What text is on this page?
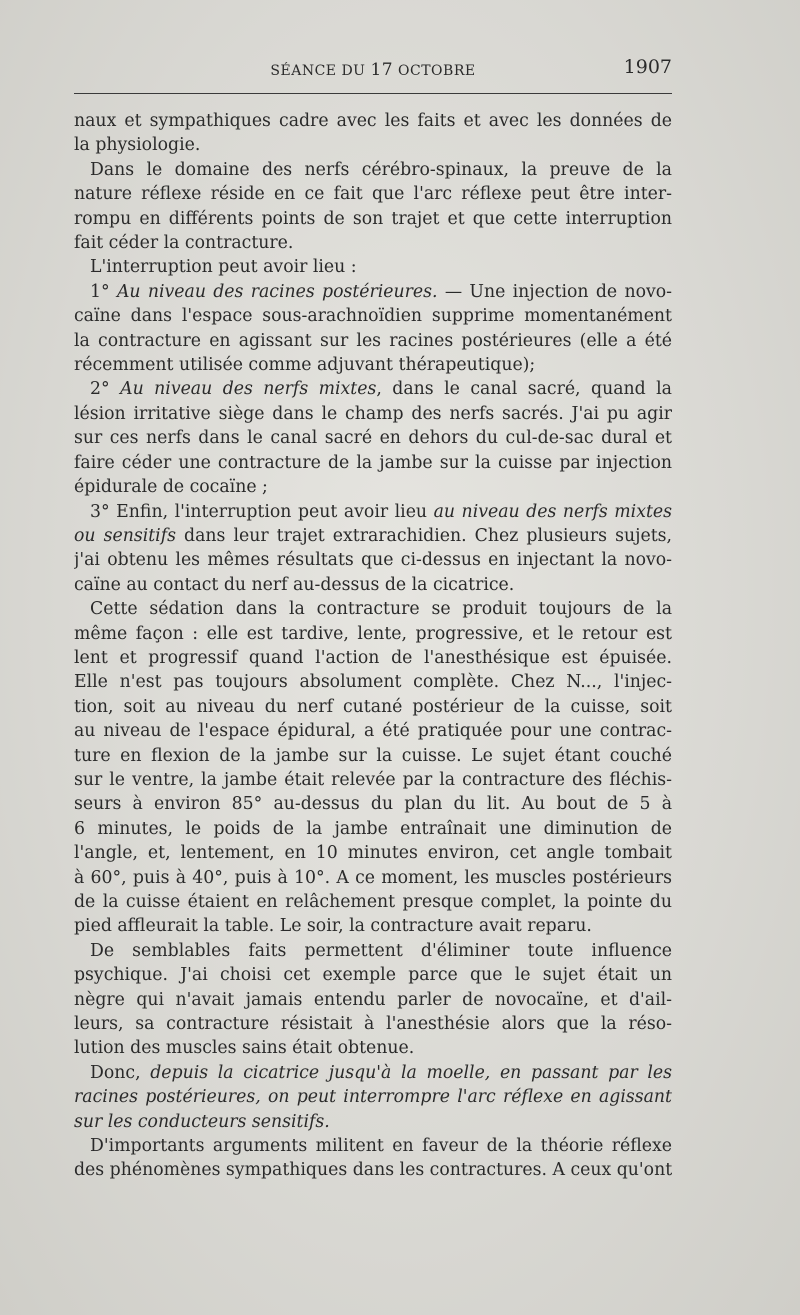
SÉANCE DU 17 OCTOBRE	1907
naux et sympathiques cadre avec les faits et avec les données de
la physiologie.
Dans le domaine des nerfs cérébro-spinaux, la preuve de la
nature réflexe réside en ce fait que l'arc réflexe peut être inter-
rompu en différents points de son trajet et que cette interruption
fait céder la contracture.
L'interruption peut avoir lieu :
1° Au niveau des racines postérieures. — Une injection de novo-
caïne dans l'espace sous-arachnoïdien supprime momentanément
la contracture en agissant sur les racines postérieures (elle a été
récemment utilisée comme adjuvant thérapeutique);
2° Au niveau des nerfs mixtes, dans le canal sacré, quand la
lésion irritative siège dans le champ des nerfs sacrés. J'ai pu agir
sur ces nerfs dans le canal sacré en dehors du cul-de-sac dural et
faire céder une contracture de la jambe sur la cuisse par injection
épidurale de cocaïne ;
3° Enfin, l'interruption peut avoir lieu au niveau des nerfs mixtes
ou sensitifs dans leur trajet extrarachidien. Chez plusieurs sujets,
j'ai obtenu les mêmes résultats que ci-dessus en injectant la novo-
caïne au contact du nerf au-dessus de la cicatrice.
Cette sédation dans la contracture se produit toujours de la
même façon : elle est tardive, lente, progressive, et le retour est
lent et progressif quand l'action de l'anesthésique est épuisée.
Elle n'est pas toujours absolument complète. Chez N..., l'injec-
tion, soit au niveau du nerf cutané postérieur de la cuisse, soit
au niveau de l'espace épidural, a été pratiquée pour une contrac-
ture en flexion de la jambe sur la cuisse. Le sujet étant couché
sur le ventre, la jambe était relevée par la contracture des fléchis-
seurs à environ 85° au-dessus du plan du lit. Au bout de 5 à
6 minutes, le poids de la jambe entraînait une diminution de
l'angle, et, lentement, en 10 minutes environ, cet angle tombait
à 60°, puis à 40°, puis à 10°. A ce moment, les muscles postérieurs
de la cuisse étaient en relâchement presque complet, la pointe du
pied affleurait la table. Le soir, la contracture avait reparu.
De semblables faits permettent d'éliminer toute influence
psychique. J'ai choisi cet exemple parce que le sujet était un
nègre qui n'avait jamais entendu parler de novocaïne, et d'ail-
leurs, sa contracture résistait à l'anesthésie alors que la réso-
lution des muscles sains était obtenue.
Donc, depuis la cicatrice jusqu'à la moelle, en passant par les
racines postérieures, on peut interrompre l'arc réflexe en agissant
sur les conducteurs sensitifs.
D'importants arguments militent en faveur de la théorie réflexe
des phénomènes sympathiques dans les contractures. A ceux qu'ont
